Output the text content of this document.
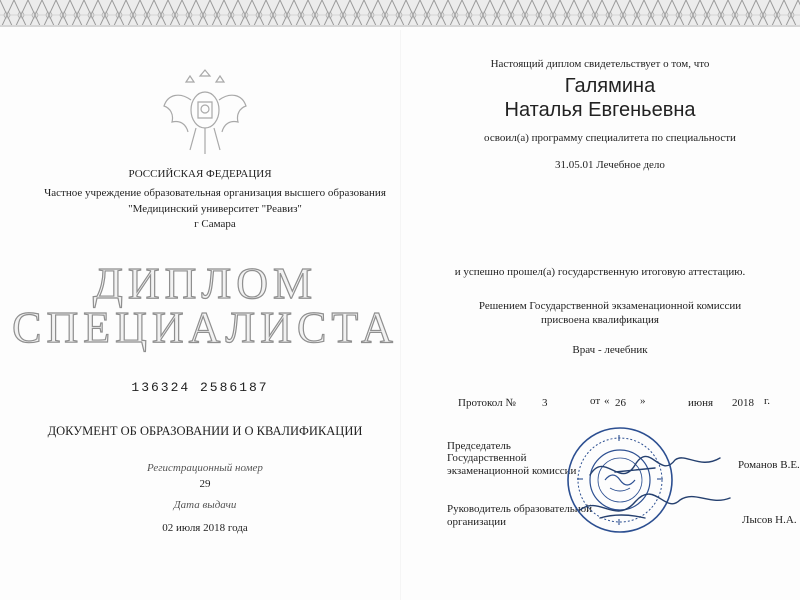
РОССИЙСКАЯ ФЕДЕРАЦИЯ
Частное учреждение образовательная организация высшего образования
"Медицинский университет "Реавиз"
г Самара
ДИПЛОМ
СПЕЦИАЛИСТА
136324 2586187
ДОКУМЕНТ ОБ ОБРАЗОВАНИИ И О КВАЛИФИКАЦИИ
Регистрационный номер
29
Дата выдачи
02 июля 2018 года
Настоящий диплом свидетельствует о том, что
Галямина
Наталья Евгеньевна
освоил(а) программу специалитета по специальности
31.05.01 Лечебное дело
и успешно прошел(а) государственную итоговую аттестацию.
Решением Государственной экзаменационной комиссии
присвоена квалификация
Врач - лечебник
Протокол № 3	от « 26 »	июня 2018 г.
Председатель
Государственной
экзаменационной комиссии	Романов В.Е.
Руководитель образовательной
организации	Лысов Н.А.
